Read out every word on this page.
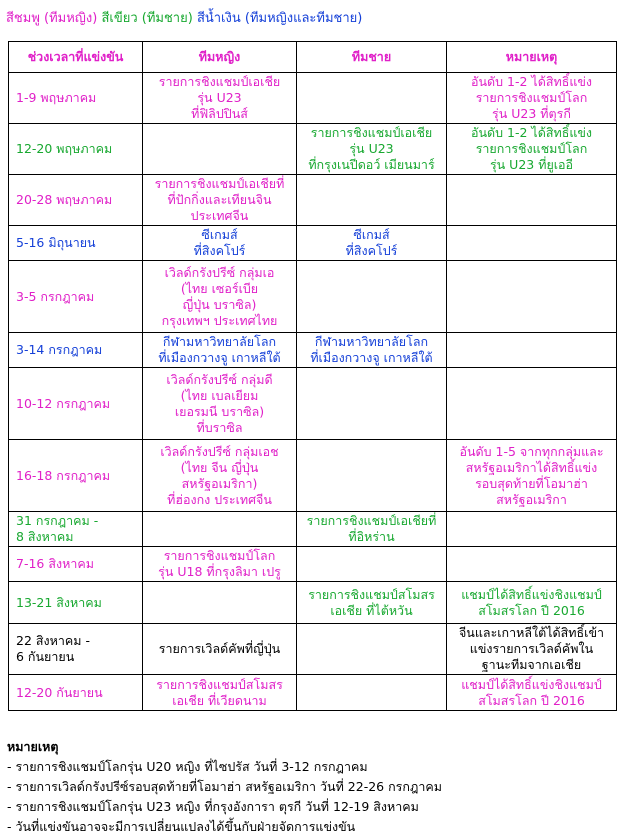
สีชมพู (ทีมหญิง) สีเขียว (ทีมชาย) สีน้ำเงิน (ทีมหญิงและทีมชาย)
ช่วงเวลาที่แข่งขัน	ทีมหญิง	ทีมชาย	หมายเหตุ
1-9 พฤษภาคม	รายการชิงแชมป์เอเชีย
รุ่น U23
ที่ฟิลิปปินส์		อันดับ 1-2 ได้สิทธิ์แข่ง
รายการชิงแชมป์โลก
รุ่น U23 ที่ตุรกี
12-20 พฤษภาคม		รายการชิงแชมป์เอเชีย
รุ่น U23
ที่กรุงเนปีดอว์ เมียนมาร์	อันดับ 1-2 ได้สิทธิ์แข่ง
รายการชิงแชมป์โลก
รุ่น U23 ที่ยูเออี
20-28 พฤษภาคม	รายการชิงแชมป์เอเชียที่
ที่ปักกิ่งและเทียนจิน
ประเทศจีน		
5-16 มิถุนายน	ซีเกมส์
ที่สิงคโปร์	ซีเกมส์
ที่สิงคโปร์	
3-5 กรกฎาคม	เวิลด์กรังปรีซ์ กลุ่มเอ
(ไทย เซอร์เบีย
ญี่ปุ่น บราซิล)
กรุงเทพฯ ประเทศไทย		
3-14 กรกฎาคม	กีฬามหาวิทยาลัยโลก
ที่เมืองกวางจู เกาหลีใต้	กีฬามหาวิทยาลัยโลก
ที่เมืองกวางจู เกาหลีใต้	
10-12 กรกฎาคม	เวิลด์กรังปรีซ์ กลุ่มดี
(ไทย เบลเยียม
เยอรมนี บราซิล)
ที่บราซิล		
16-18 กรกฎาคม	เวิลด์กรังปรีซ์ กลุ่มเอช
(ไทย จีน ญี่ปุ่น
สหรัฐอเมริกา)
ที่ฮ่องกง ประเทศจีน		อันดับ 1-5 จากทุกกลุ่มและ
สหรัฐอเมริกาได้สิทธิ์แข่ง
รอบสุดท้ายที่โอมาฮ่า
สหรัฐอเมริกา
31 กรกฎาคม -
8 สิงหาคม		รายการชิงแชมป์เอเชียที่
ที่อิหร่าน	
7-16 สิงหาคม	รายการชิงแชมป์โลก
รุ่น U18 ที่กรุงลิมา เปรู		
13-21 สิงหาคม		รายการชิงแชมป์สโมสร
เอเชีย ที่ไต้หวัน	แชมป์ได้สิทธิ์แข่งชิงแชมป์
สโมสรโลก ปี 2016
22 สิงหาคม -
6 กันยายน	รายการเวิลด์คัพที่ญี่ปุ่น		จีนและเกาหลีใต้ได้สิทธิ์เข้า
แข่งรายการเวิลด์คัพใน
ฐานะทีมจากเอเชีย
12-20 กันยายน	รายการชิงแชมป์สโมสร
เอเชีย ที่เวียดนาม		แชมป์ได้สิทธิ์แข่งชิงแชมป์
สโมสรโลก ปี 2016
หมายเหตุ
- รายการชิงแชมป์โลกรุ่น U20 หญิง ที่ไซปรัส วันที่ 3-12 กรกฎาคม
- รายการเวิลด์กรังปรีซ์รอบสุดท้ายที่โอมาฮ่า สหรัฐอเมริกา วันที่ 22-26 กรกฎาคม
- รายการชิงแชมป์โลกรุ่น U23 หญิง ที่กรุงอังการา ตุรกี วันที่ 12-19 สิงหาคม
- วันที่แข่งขันอาจจะมีการเปลี่ยนแปลงได้ขึ้นกับฝ่ายจัดการแข่งขัน
